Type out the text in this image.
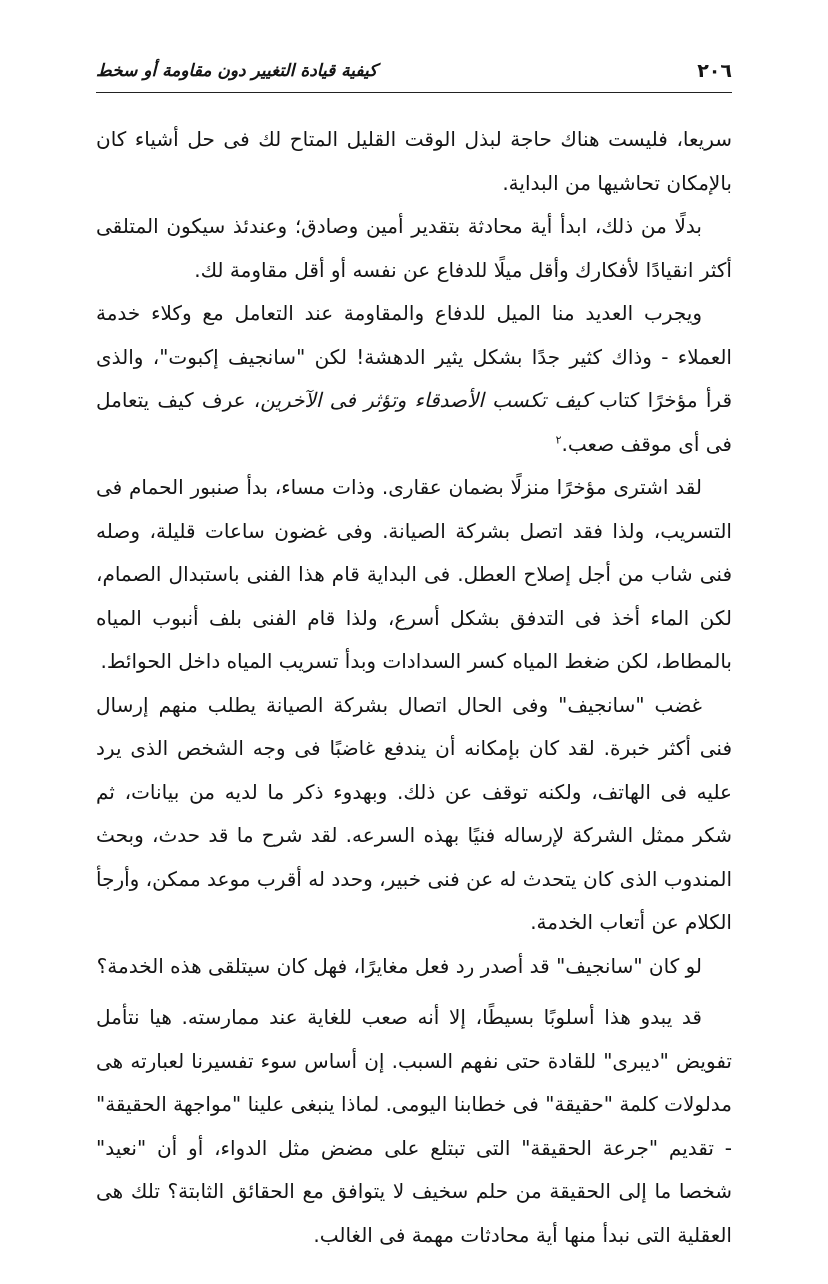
٢٠٦
كيفية قيادة التغيير دون مقاومة أو سخط

سريعا، فليست هناك حاجة لبذل الوقت القليل المتاح لك فى حل أشياء كان بالإمكان تحاشيها من البداية.

بدلًا من ذلك، ابدأ أية محادثة بتقدير أمين وصادق؛ وعندئذ سيكون المتلقى أكثر انقيادًا لأفكارك وأقل ميلًا للدفاع عن نفسه أو أقل مقاومة لك.

ويجرب العديد منا الميل للدفاع والمقاومة عند التعامل مع وكلاء خدمة العملاء - وذاك كثير جدًا بشكل يثير الدهشة! لكن "سانجيف إكبوت"، والذى قرأ مؤخرًا كتاب كيف تكسب الأصدقاء وتؤثر فى الآخرين، عرف كيف يتعامل فى أى موقف صعب.$^٢$

لقد اشترى مؤخرًا منزلًا بضمان عقارى. وذات مساء، بدأ صنبور الحمام فى التسريب، ولذا فقد اتصل بشركة الصيانة. وفى غضون ساعات قليلة، وصله فنى شاب من أجل إصلاح العطل. فى البداية قام هذا الفنى باستبدال الصمام، لكن الماء أخذ فى التدفق بشكل أسرع، ولذا قام الفنى بلف أنبوب المياه بالمطاط، لكن ضغط المياه كسر السدادات وبدأ تسريب المياه داخل الحوائط.

غضب "سانجيف" وفى الحال اتصال بشركة الصيانة يطلب منهم إرسال فنى أكثر خبرة. لقد كان بإمكانه أن يندفع غاضبًا فى وجه الشخص الذى يرد عليه فى الهاتف، ولكنه توقف عن ذلك. وبهدوء ذكر ما لديه من بيانات، ثم شكر ممثل الشركة لإرساله فنيًا بهذه السرعه. لقد شرح ما قد حدث، وبحث المندوب الذى كان يتحدث له عن فنى خبير، وحدد له أقرب موعد ممكن، وأرجأ الكلام عن أتعاب الخدمة.

لو كان "سانجيف" قد أصدر رد فعل مغايرًا، فهل كان سيتلقى هذه الخدمة؟

قد يبدو هذا أسلوبًا بسيطًا، إلا أنه صعب للغاية عند ممارسته. هيا نتأمل تفويض "ديبرى" للقادة حتى نفهم السبب. إن أساس سوء تفسيرنا لعبارته هى مدلولات كلمة "حقيقة" فى خطابنا اليومى. لماذا ينبغى علينا "مواجهة الحقيقة" - تقديم "جرعة الحقيقة" التى تبتلع على مضض مثل الدواء، أو أن "نعيد" شخصا ما إلى الحقيقة من حلم سخيف لا يتوافق مع الحقائق الثابتة؟ تلك هى العقلية التى نبدأ منها أية محادثات مهمة فى الغالب.
